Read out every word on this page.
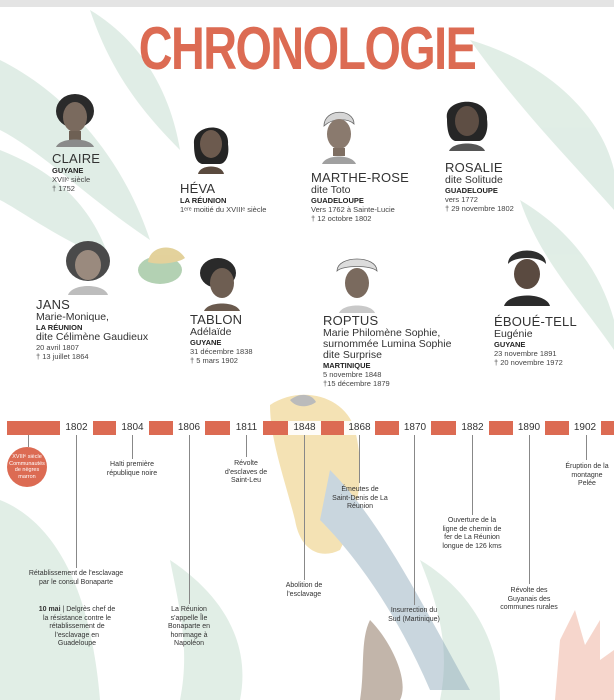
CHRONOLOGIE
CLAIRE
GUYANE
XVIIᵉ siècle
† 1752	HÉVA
LA RÉUNION
1ᵉʳᵉ moitié du XVIIIᵉ siècle
MARTHE-ROSE
dite Toto
GUADELOUPE
Vers 1762 à Sainte-Lucie
† 12 octobre 1802
ROSALIE
dite Solitude
GUADELOUPE
vers 1772
† 29 novembre 1802
JANS
Marie-Monique,
LA RÉUNION
dite Célimène Gaudieux
20 avril 1807
† 13 juillet 1864
TABLON
Adélaïde
GUYANE
31 décembre 1838
† 5 mars 1902
ROPTUS
Marie Philomène Sophie,
surnommée Lumina Sophie
dite Surprise
MARTINIQUE
5 novembre 1848
†15 décembre 1879
ÉBOUÉ-TELL
Eugénie
GUYANE
23 novembre 1891
† 20 novembre 1972
1802	1804	1806	1811	1848	1868	1870	1882	1890	1902
XVIIIᵉ siècle Communautés de nègres marron
Rétablissement de l'esclavage par le consul Bonaparte
10 mai | Delgrès chef de la résistance contre le rétablissement de l'esclavage en Guadeloupe
Haïti première république noire
La Réunion s'appelle Île Bonaparte en hommage à Napoléon
Révolte d'esclaves de Saint-Leu
Abolition de l'esclavage
Émeutes de Saint-Denis de La Réunion
Insurrection du Sud (Martinique)
Ouverture de la ligne de chemin de fer de La Réunion longue de 126 kms
Révolte des Guyanais des communes rurales
Éruption de la montagne Pelée
